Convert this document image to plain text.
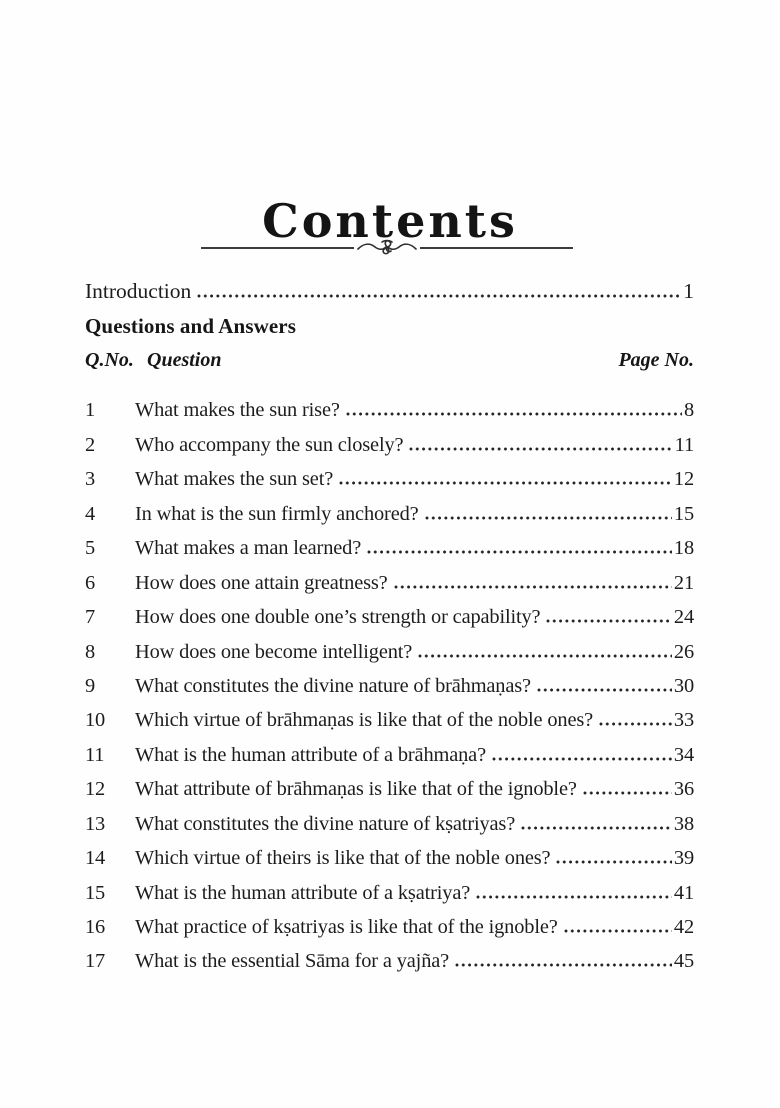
Contents
Introduction	1
Questions and Answers
Q.No. Question	Page No.
1	What makes the sun rise?	8
2	Who accompany the sun closely?	11
3	What makes the sun set?	12
4	In what is the sun firmly anchored?	15
5	What makes a man learned?	18
6	How does one attain greatness?	21
7	How does one double one’s strength or capability?	24
8	How does one become intelligent?	26
9	What constitutes the divine nature of brāhmaṇas?	30
10	Which virtue of brāhmaṇas is like that of the noble ones?	33
11	What is the human attribute of a brāhmaṇa?	34
12	What attribute of brāhmaṇas is like that of the ignoble?	36
13	What constitutes the divine nature of kṣatriyas?	38
14	Which virtue of theirs is like that of the noble ones?	39
15	What is the human attribute of a kṣatriya?	41
16	What practice of kṣatriyas is like that of the ignoble?	42
17	What is the essential Sāma for a yajña?	45
